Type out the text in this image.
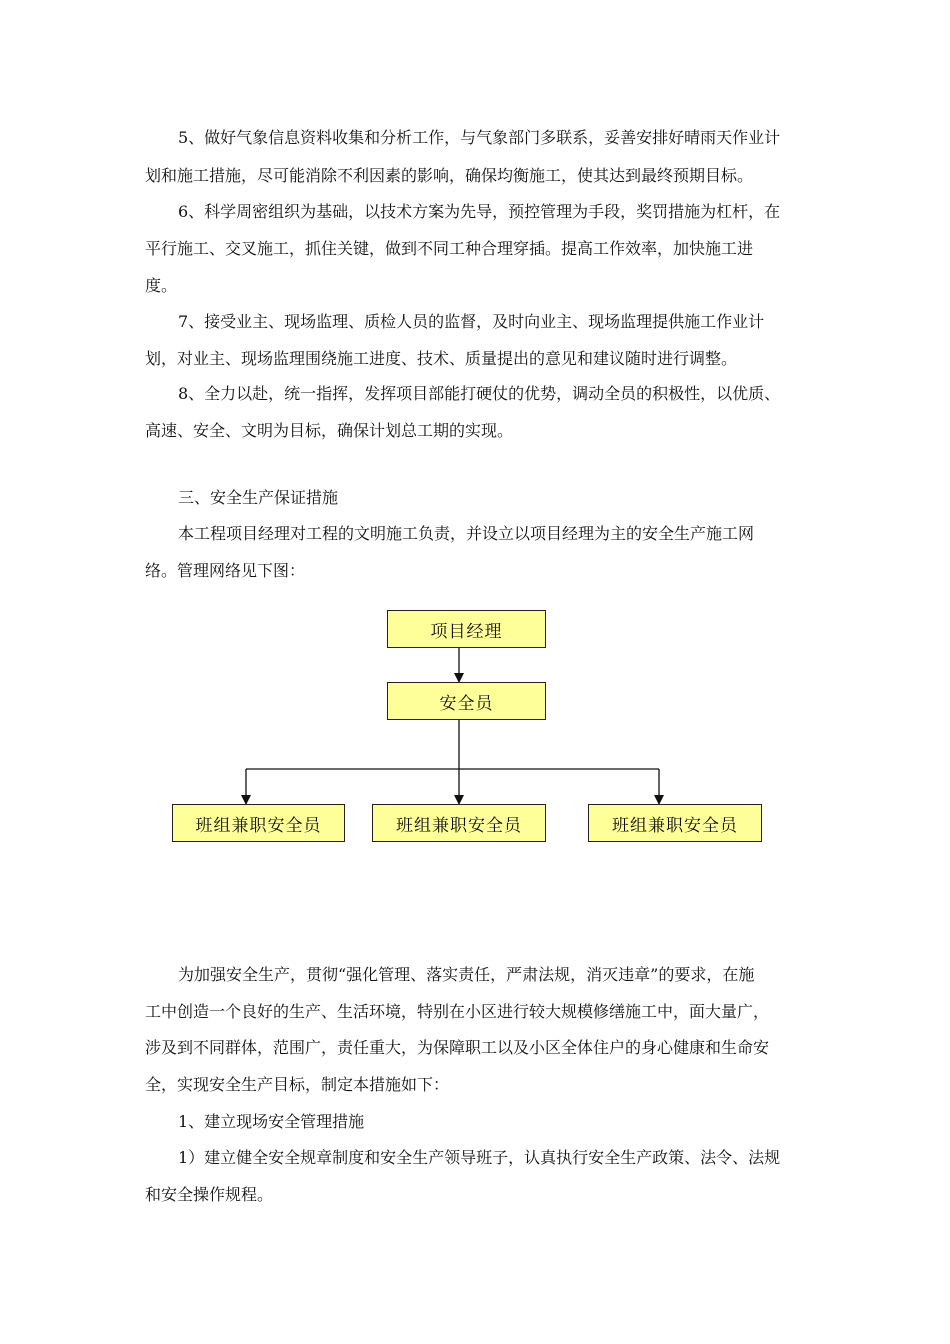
5、做好气象信息资料收集和分析工作，与气象部门多联系，妥善安排好晴雨天作业计
划和施工措施，尽可能消除不利因素的影响，确保均衡施工，使其达到最终预期目标。
6、科学周密组织为基础，以技术方案为先导，预控管理为手段，奖罚措施为杠杆，在
平行施工、交叉施工，抓住关键，做到不同工种合理穿插。提高工作效率，加快施工进
度。
7、接受业主、现场监理、质检人员的监督，及时向业主、现场监理提供施工作业计
划，对业主、现场监理围绕施工进度、技术、质量提出的意见和建议随时进行调整。
8、全力以赴，统一指挥，发挥项目部能打硬仗的优势，调动全员的积极性，以优质、
高速、安全、文明为目标，确保计划总工期的实现。
三、安全生产保证措施
本工程项目经理对工程的文明施工负责，并设立以项目经理为主的安全生产施工网
络。管理网络见下图：
项目经理
安全员
班组兼职安全员	班组兼职安全员	班组兼职安全员
为加强安全生产，贯彻“强化管理、落实责任，严肃法规，消灭违章”的要求，在施
工中创造一个良好的生产、生活环境，特别在小区进行较大规模修缮施工中，面大量广，
涉及到不同群体，范围广，责任重大，为保障职工以及小区全体住户的身心健康和生命安
全，实现安全生产目标，制定本措施如下：
1、建立现场安全管理措施
1）建立健全安全规章制度和安全生产领导班子，认真执行安全生产政策、法令、法规
和安全操作规程。
